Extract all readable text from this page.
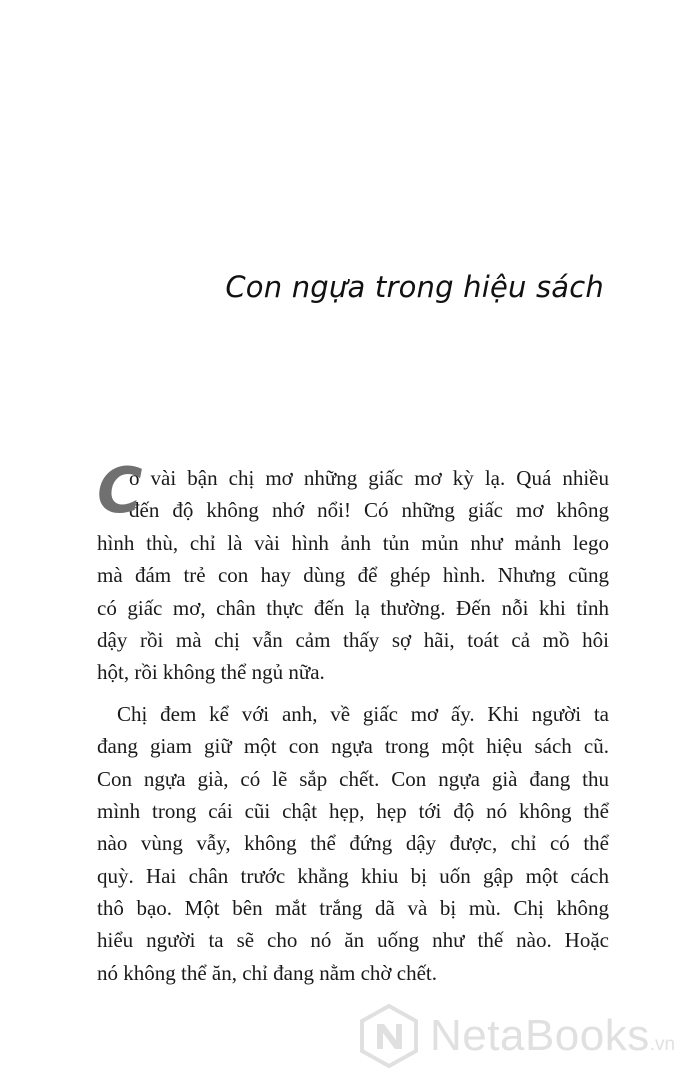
Con ngựa trong hiệu sách
C
ó vài bận chị mơ những giấc mơ kỳ lạ. Quá nhiều
đến độ không nhớ nổi! Có những giấc mơ không
hình thù, chỉ là vài hình ảnh tủn mủn như mảnh lego
mà đám trẻ con hay dùng để ghép hình. Nhưng cũng
có giấc mơ, chân thực đến lạ thường. Đến nỗi khi tỉnh
dậy rồi mà chị vẫn cảm thấy sợ hãi, toát cả mồ hôi
hột, rồi không thể ngủ nữa.
Chị đem kể với anh, về giấc mơ ấy. Khi người ta
đang giam giữ một con ngựa trong một hiệu sách cũ.
Con ngựa già, có lẽ sắp chết. Con ngựa già đang thu
mình trong cái cũi chật hẹp, hẹp tới độ nó không thể
nào vùng vẫy, không thể đứng dậy được, chỉ có thể
quỳ. Hai chân trước khẳng khiu bị uốn gập một cách
thô bạo. Một bên mắt trắng dã và bị mù. Chị không
hiểu người ta sẽ cho nó ăn uống như thế nào. Hoặc
nó không thể ăn, chỉ đang nằm chờ chết.
NetaBooks.vn
